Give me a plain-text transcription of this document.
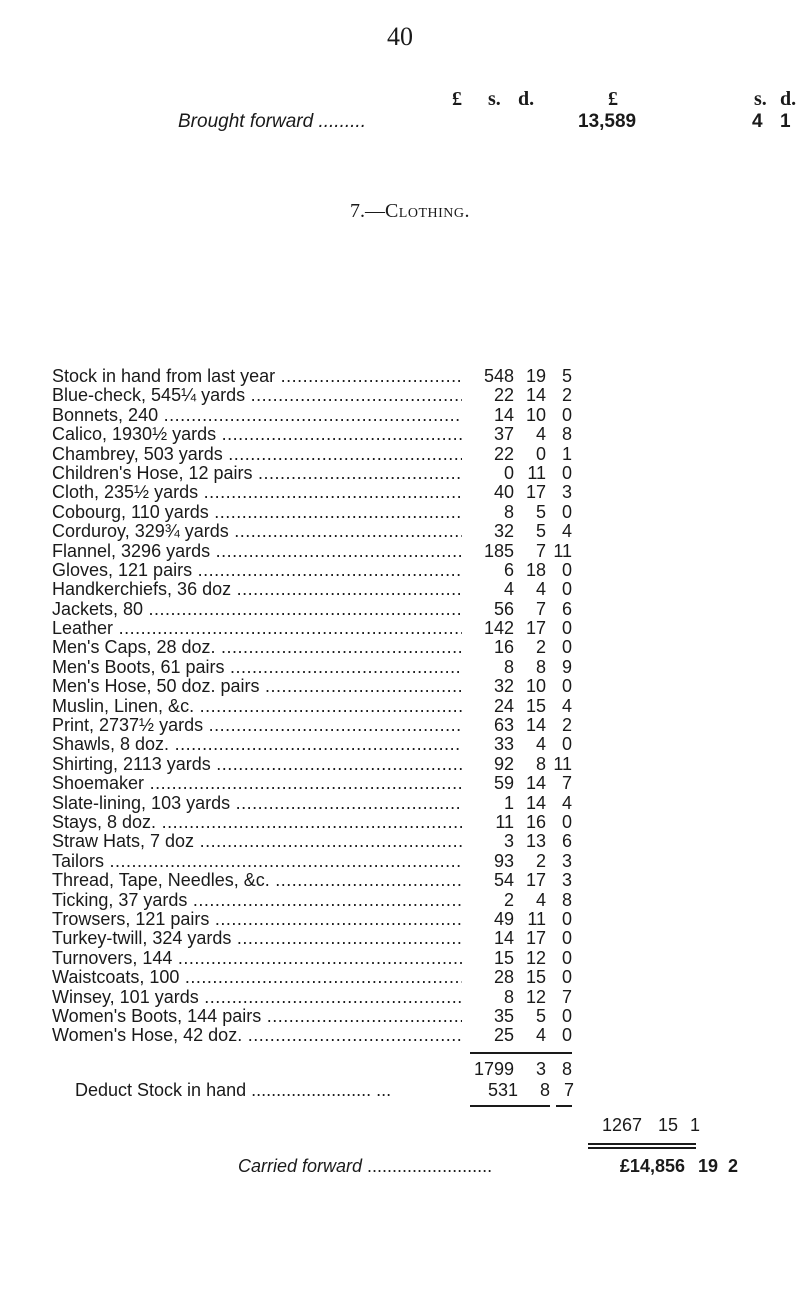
40
£ s. d.	£	s. d.
Brought forward .........	13,589	4 1
7.—Clothing.
Stock in hand from last year .....	548 19 5
Blue-check, 545¼ yards .....	22 14 2
Bonnets, 240 .....	14 10 0
Calico, 1930½ yards .....	37	4 8
Chambrey, 503 yards .....	22	0 1
Children's Hose, 12 pairs .....	0 11 0
Cloth, 235½ yards .....	40 17 3
Cobourg, 110 yards .....	8	5 0
Corduroy, 329¾ yards .....	32	5 4
Flannel, 3296 yards .....	185	7 11
Gloves, 121 pairs .....	6 18 0
Handkerchiefs, 36 doz .....	4	4 0
Jackets, 80 .....	56	7 6
Leather .....	142 17 0
Men's Caps, 28 doz. .....	16	2 0
Men's Boots, 61 pairs .....	8	8 9
Men's Hose, 50 doz. pairs .....	32 10 0
Muslin, Linen, &c. .....	24 15 4
Print, 2737½ yards .....	63 14 2
Shawls, 8 doz. .....	33	4 0
Shirting, 2113 yards .....	92	8 11
Shoemaker .....	59 14 7
Slate-lining, 103 yards .....	1 14 4
Stays, 8 doz. .....	11 16 0
Straw Hats, 7 doz .....	3 13 6
Tailors .....	93	2 3
Thread, Tape, Needles, &c. .....	54 17 3
Ticking, 37 yards .....	2	4 8
Trowsers, 121 pairs .....	49 11 0
Turkey-twill, 324 yards .....	14 17 0
Turnovers, 144 .....	15 12 0
Waistcoats, 100 .....	28 15 0
Winsey, 101 yards .....	8 12 7
Women's Boots, 144 pairs .....	35	5 0
Women's Hose, 42 doz. .....	25	4 0
1799	3 8
Deduct Stock in hand ........................ ...	531	8 7
1267 15 1
Carried forward .........................	£14,856 19 2
